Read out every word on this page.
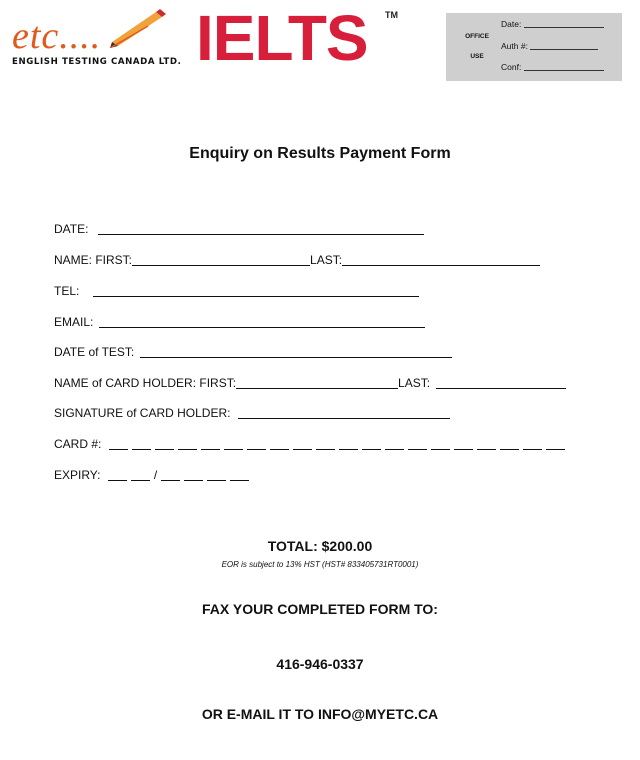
etc....
ENGLISH TESTING CANADA LTD. IELTS TM
OFFICE
USE
Date:
Auth #:
Conf:
Enquiry on Results Payment Form
DATE:
NAME: FIRST:	LAST:
TEL:
EMAIL:
DATE of TEST:
NAME of CARD HOLDER: FIRST:	LAST:
SIGNATURE of CARD HOLDER:
CARD #:
EXPIRY:	/
TOTAL: $200.00
EOR is subject to 13% HST (HST# 833405731RT0001)
FAX YOUR COMPLETED FORM TO:
416-946-0337
OR E-MAIL IT TO INFO@MYETC.CA
